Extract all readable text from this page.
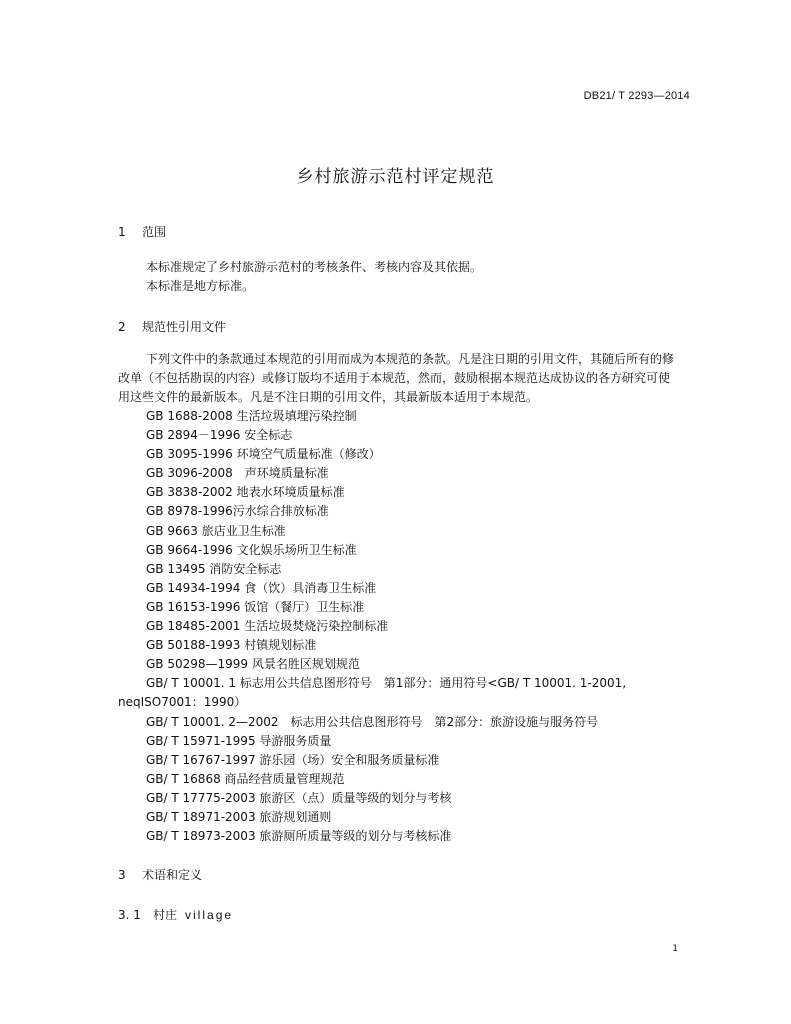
DB21/ T 2293—2014
乡村旅游示范村评定规范
1 范围
本标准规定了乡村旅游示范村的考核条件、考核内容及其依据。
本标准是地方标准。
2 规范性引用文件
下列文件中的条款通过本规范的引用而成为本规范的条款。凡是注日期的引用文件，其随后所有的修改单（不包括勘误的内容）或修订版均不适用于本规范，然而，鼓励根据本规范达成协议的各方研究可使用这些文件的最新版本。凡是不注日期的引用文件，其最新版本适用于本规范。
GB 1688-2008 生活垃圾填埋污染控制
GB 2894－1996 安全标志
GB 3095-1996 环境空气质量标准（修改）
GB 3096-2008　声环境质量标准
GB 3838-2002 地表水环境质量标准
GB 8978-1996污水综合排放标准
GB 9663 旅店业卫生标准
GB 9664-1996 文化娱乐场所卫生标准
GB 13495 消防安全标志
GB 14934-1994 食（饮）具消毒卫生标准
GB 16153-1996 饭馆（餐厅）卫生标准
GB 18485-2001 生活垃圾焚烧污染控制标准
GB 50188-1993 村镇规划标准
GB 50298—1999 风景名胜区规划规范
GB/ T 10001. 1 标志用公共信息图形符号　第1部分：通用符号<GB/ T 10001. 1-2001, neqISO7001：1990）
GB/ T 10001. 2—2002　标志用公共信息图形符号　第2部分：旅游设施与服务符号
GB/ T 15971-1995 导游服务质量
GB/ T 16767-1997 游乐园（场）安全和服务质量标准
GB/ T 16868 商品经营质量管理规范
GB/ T 17775-2003 旅游区（点）质量等级的划分与考核
GB/ T 18971-2003 旅游规划通则
GB/ T 18973-2003 旅游厕所质量等级的划分与考核标准
3 术语和定义
3. 1 村庄 village
1
